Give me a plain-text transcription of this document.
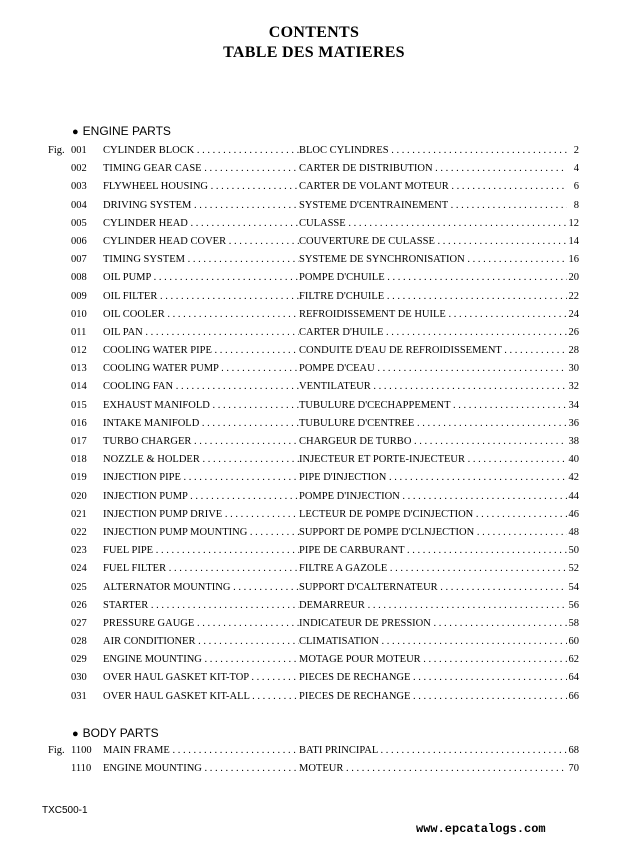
CONTENTS
TABLE DES MATIERES
● ENGINE PARTS
Fig. 001 CYLINDER BLOCK . . .	BLOC CYLINDRES . . .	2
002 TIMING GEAR CASE . . .	CARTER DE DISTRIBUTION . . .	4
003 FLYWHEEL HOUSING . . .	CARTER DE VOLANT MOTEUR . . .	6
004 DRIVING SYSTEM . . .	SYSTEME D'CENTRAINEMENT . . .	8
005 CYLINDER HEAD . . .	CULASSE . . .	12
006 CYLINDER HEAD COVER . . .	COUVERTURE DE CULASSE . . .	14
007 TIMING SYSTEM . . .	SYSTEME DE SYNCHRONISATION . . .	16
008 OIL PUMP . . .	POMPE D'CHUILE . . .	20
009 OIL FILTER . . .	FILTRE D'CHUILE . . .	22
010 OIL COOLER . . .	REFROIDISSEMENT DE HUILE . . .	24
011 OIL PAN . . .	CARTER D'HUILE . . .	26
012 COOLING WATER PIPE . . .	CONDUITE D'EAU DE REFROIDISSEMENT . . .	28
013 COOLING WATER PUMP . . .	POMPE D'CEAU . . .	30
014 COOLING FAN . . .	VENTILATEUR . . .	32
015 EXHAUST MANIFOLD . . .	TUBULURE D'CECHAPPEMENT . . .	34
016 INTAKE MANIFOLD . . .	TUBULURE D'CENTREE . . .	36
017 TURBO CHARGER . . .	CHARGEUR DE TURBO . . .	38
018 NOZZLE & HOLDER . . .	INJECTEUR ET PORTE-INJECTEUR . . .	40
019 INJECTION PIPE . . .	PIPE D'INJECTION . . .	42
020 INJECTION PUMP . . .	POMPE D'INJECTION . . .	44
021 INJECTION PUMP DRIVE . . .	LECTEUR DE POMPE D'CINJECTION . . .	46
022 INJECTION PUMP MOUNTING . . .	SUPPORT DE POMPE D'CLNJECTION . . .	48
023 FUEL PIPE . . .	PIPE DE CARBURANT . . .	50
024 FUEL FILTER . . .	FILTRE A GAZOLE . . .	52
025 ALTERNATOR MOUNTING . . .	SUPPORT D'CALTERNATEUR . . .	54
026 STARTER . . .	DEMARREUR . . .	56
027 PRESSURE GAUGE . . .	INDICATEUR DE PRESSION . . .	58
028 AIR CONDITIONER . . .	CLIMATISATION . . .	60
029 ENGINE MOUNTING . . .	MOTAGE POUR MOTEUR . . .	62
030 OVER HAUL GASKET KIT-TOP . . .	PIECES DE RECHANGE . . .	64
031 OVER HAUL GASKET KIT-ALL . . .	PIECES DE RECHANGE . . .	66
● BODY PARTS
Fig. 1100 MAIN FRAME . . .	BATI PRINCIPAL . . .	68
1110 ENGINE MOUNTING . . .	MOTEUR . . .	70
TXC500-1
www.epcatalogs.com
